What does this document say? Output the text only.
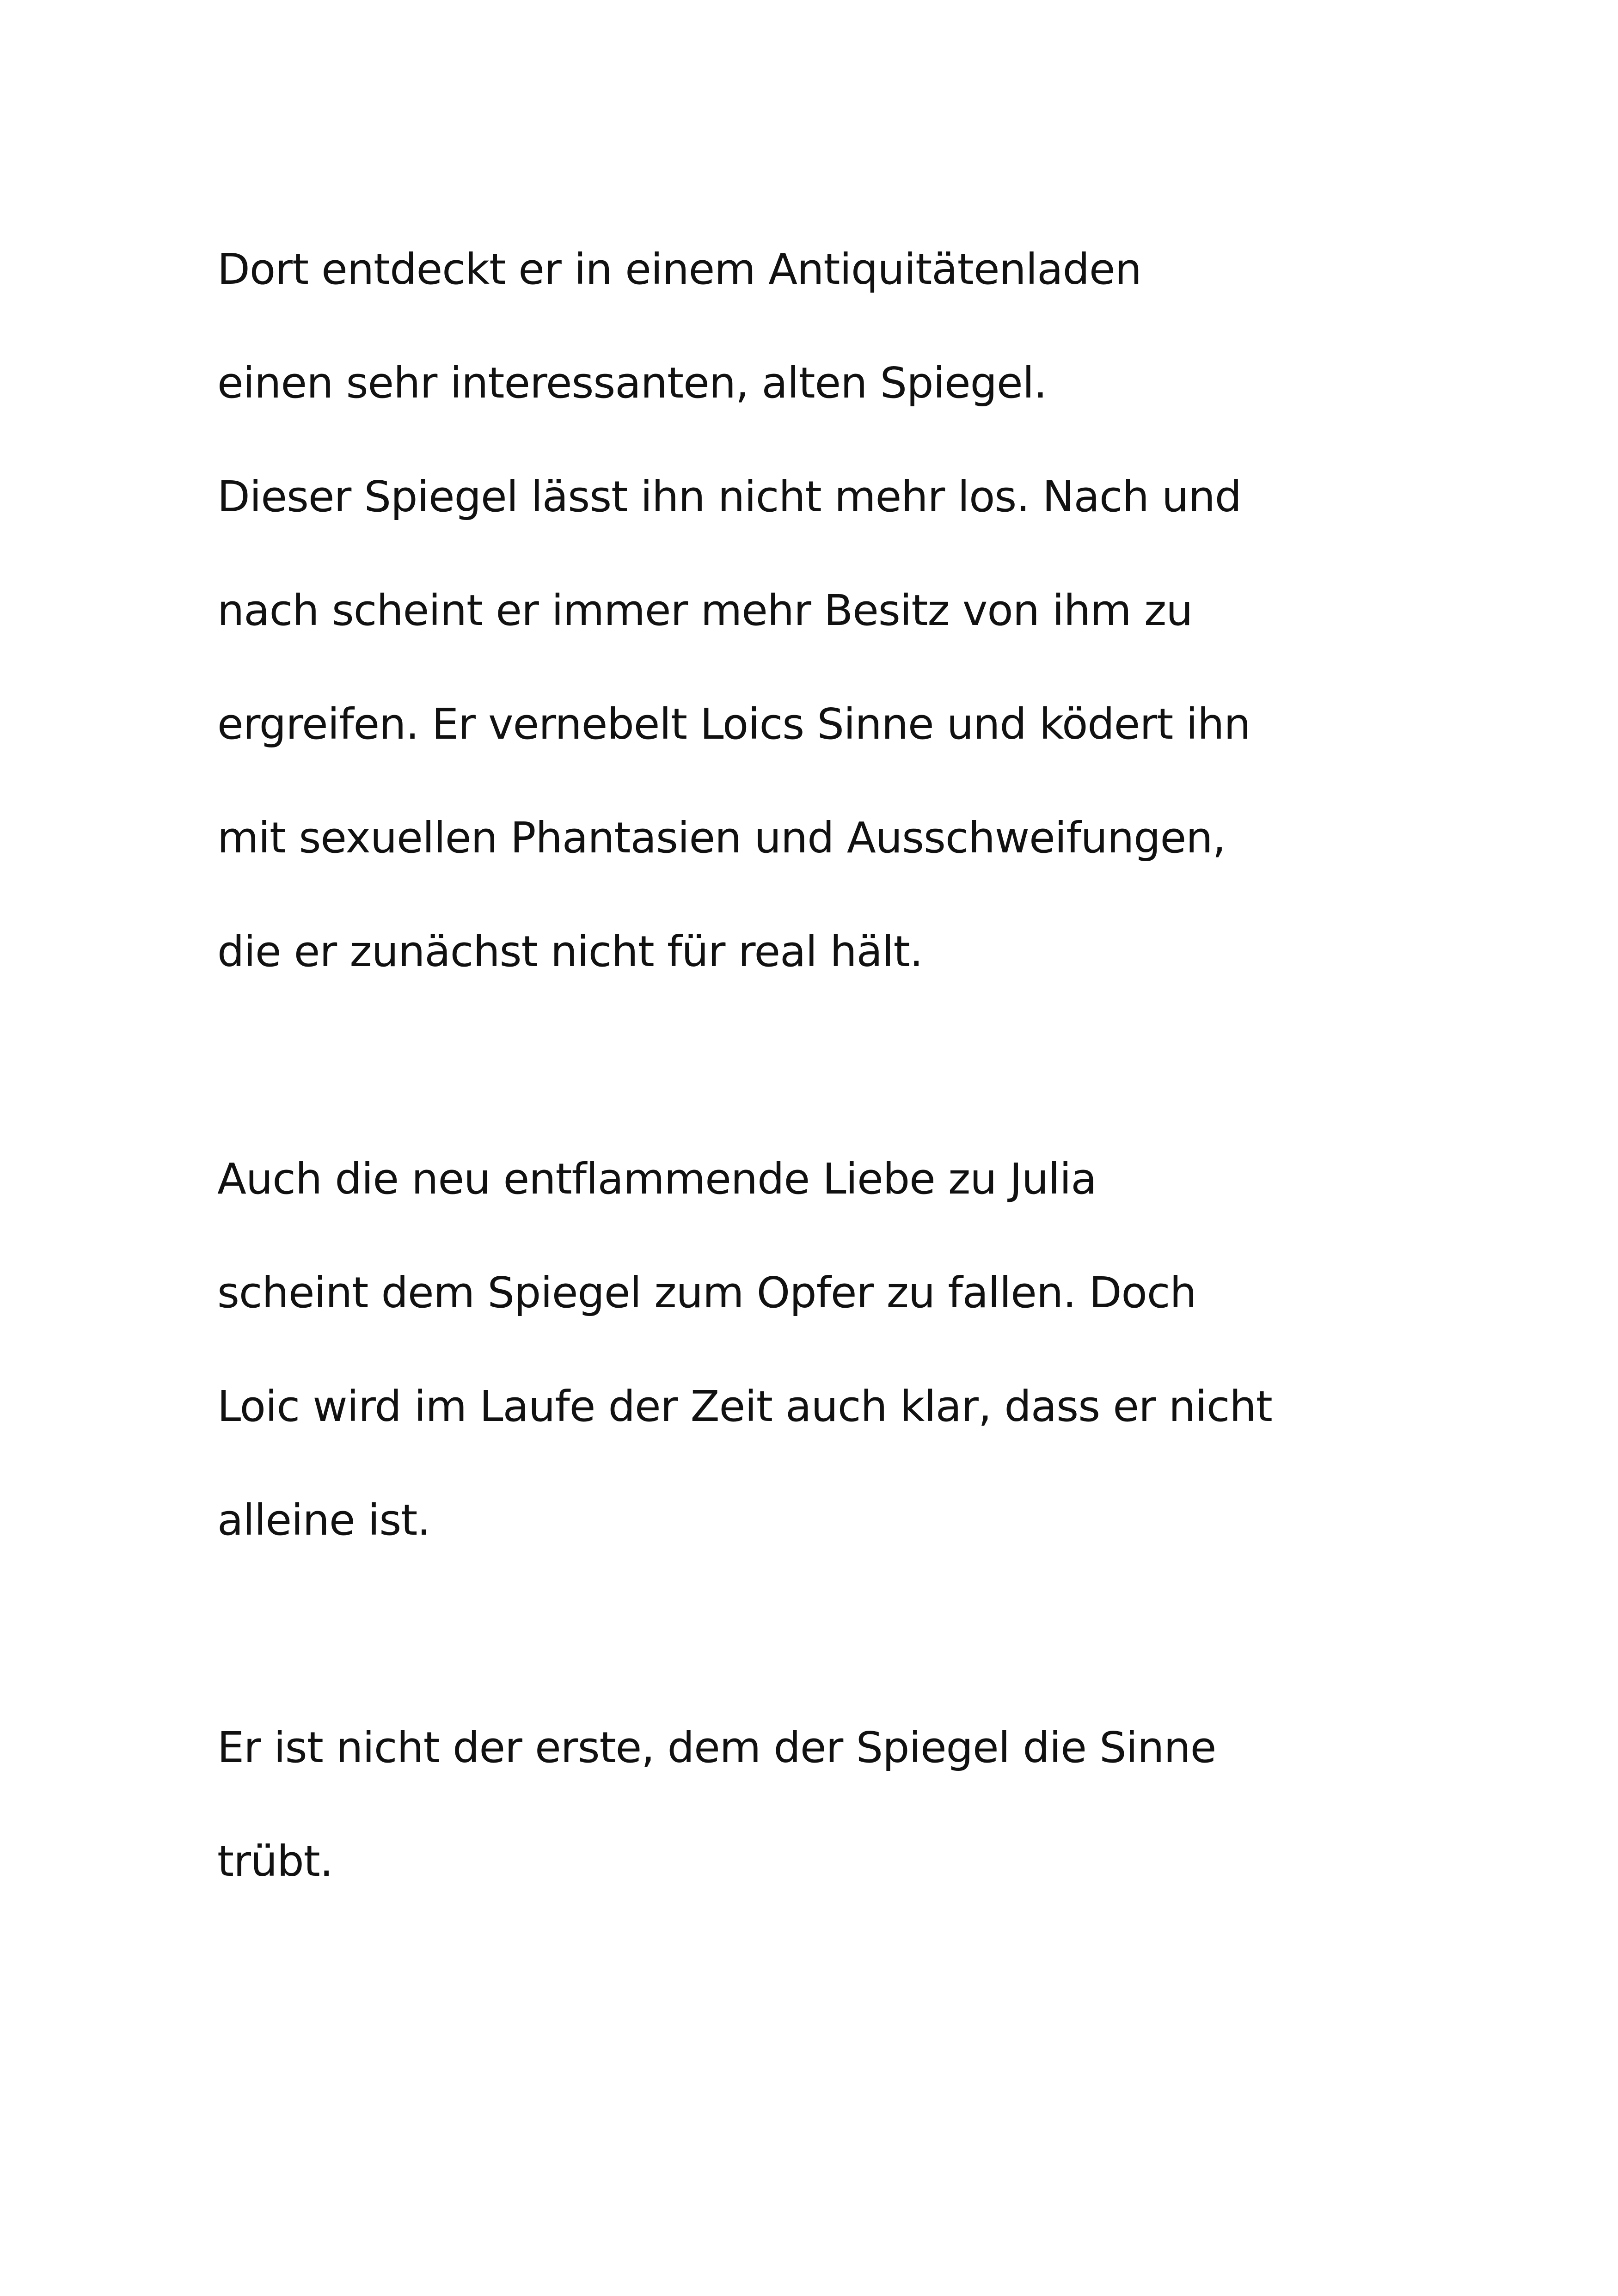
Dort entdeckt er in einem Antiquitätenladen
einen sehr interessanten, alten Spiegel.
Dieser Spiegel lässt ihn nicht mehr los. Nach und
nach scheint er immer mehr Besitz von ihm zu
ergreifen. Er vernebelt Loics Sinne und ködert ihn
mit sexuellen Phantasien und Ausschweifungen,
die er zunächst nicht für real hält.
Auch die neu entflammende Liebe zu Julia
scheint dem Spiegel zum Opfer zu fallen. Doch
Loic wird im Laufe der Zeit auch klar, dass er nicht
alleine ist.
Er ist nicht der erste, dem der Spiegel die Sinne
trübt.
